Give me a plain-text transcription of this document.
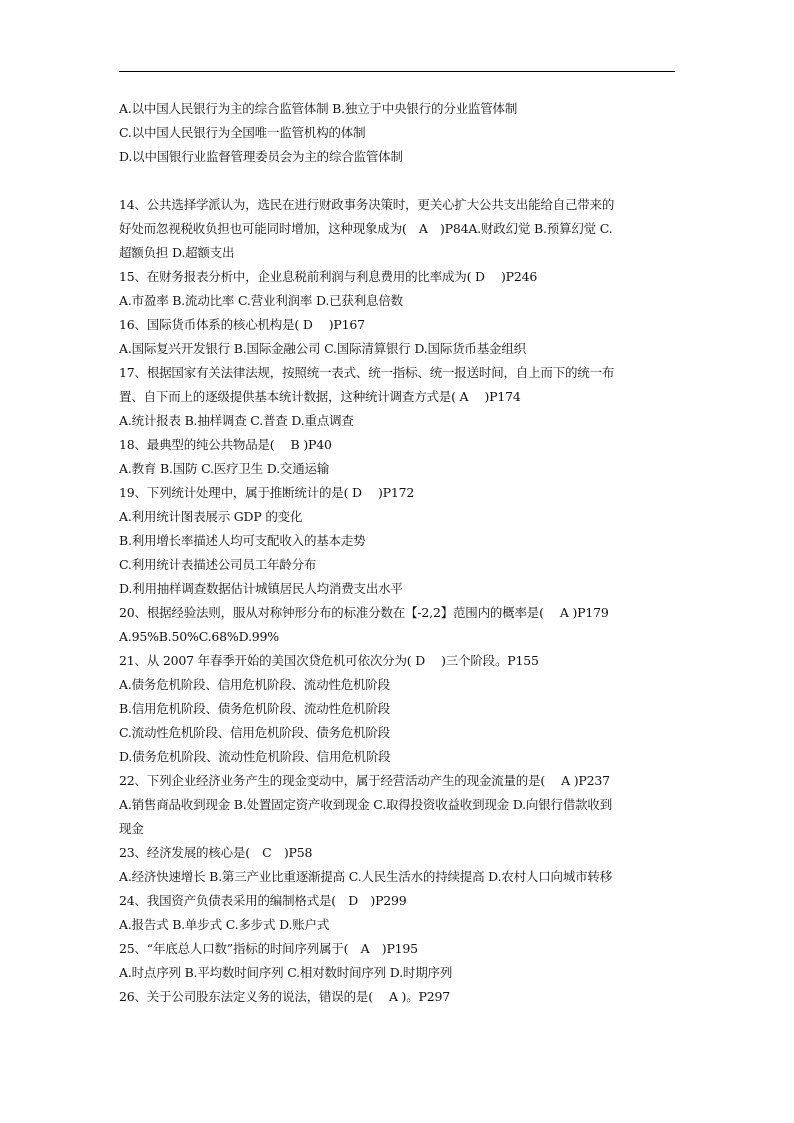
A.以中国人民银行为主的综合监管体制 B.独立于中央银行的分业监管体制
C.以中国人民银行为全国唯一监管机构的体制
D.以中国银行业监督管理委员会为主的综合监管体制
14、公共选择学派认为，选民在进行财政事务决策时，更关心扩大公共支出能给自己带来的
好处而忽视税收负担也可能同时增加，这种现象成为(　A　)P84A.财政幻觉 B.预算幻觉 C.
超额负担 D.超额支出
15、在财务报表分析中，企业息税前利润与利息费用的比率成为( D　 )P246
A.市盈率 B.流动比率 C.营业利润率 D.已获利息倍数
16、国际货币体系的核心机构是( D　 )P167
A.国际复兴开发银行 B.国际金融公司 C.国际清算银行 D.国际货币基金组织
17、根据国家有关法律法规，按照统一表式、统一指标、统一报送时间，自上而下的统一布
置、自下而上的逐级提供基本统计数据，这种统计调查方式是( A　 )P174
A.统计报表 B.抽样调查 C.普查 D.重点调查
18、最典型的纯公共物品是(　 B )P40
A.教育 B.国防 C.医疗卫生 D.交通运输
19、下列统计处理中，属于推断统计的是( D　 )P172
A.利用统计图表展示 GDP 的变化
B.利用增长率描述人均可支配收入的基本走势
C.利用统计表描述公司员工年龄分布
D.利用抽样调查数据估计城镇居民人均消费支出水平
20、根据经验法则，服从对称钟形分布的标准分数在【-2,2】范围内的概率是(　 A )P179
A.95%B.50%C.68%D.99%
21、从 2007 年春季开始的美国次贷危机可依次分为( D　 )三个阶段。P155
A.债务危机阶段、信用危机阶段、流动性危机阶段
B.信用危机阶段、债务危机阶段、流动性危机阶段
C.流动性危机阶段、信用危机阶段、债务危机阶段
D.债务危机阶段、流动性危机阶段、信用危机阶段
22、下列企业经济业务产生的现金变动中，属于经营活动产生的现金流量的是(　 A )P237
A.销售商品收到现金 B.处置固定资产收到现金 C.取得投资收益收到现金 D.向银行借款收到
现金
23、经济发展的核心是(　C　)P58
A.经济快速增长 B.第三产业比重逐渐提高 C.人民生活水的持续提高 D.农村人口向城市转移
24、我国资产负债表采用的编制格式是(　D　)P299
A.报告式 B.单步式 C.多步式 D.账户式
25、“年底总人口数”指标的时间序列属于(　A　)P195
A.时点序列 B.平均数时间序列 C.相对数时间序列 D.时期序列
26、关于公司股东法定义务的说法，错误的是(　 A )。P297
